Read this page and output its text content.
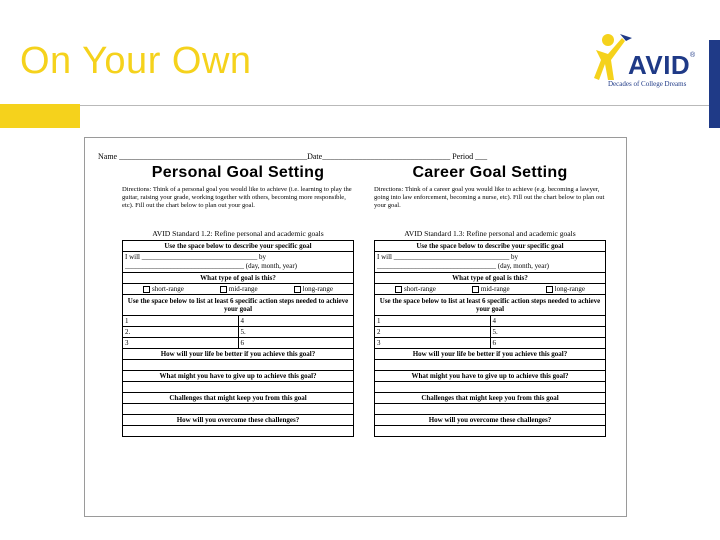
On Your Own	AVID ®
Decades of College Dreams
Name _______________________________________________Date________________________________ Period ___
Personal Goal Setting
Directions: Think of a personal goal you would like to achieve (i.e. learning to play the guitar, raising your grade, working together with others, becoming more responsible, etc). Fill out the chart below to plan out your goal.
AVID Standard 1.2: Refine personal and academic goals
Use the space below to describe your specific goal	

I will _________________________________ by
__________________________________ (day, month, year)	

What type of goal is this?	

short-range mid-range long-range	

Use the space below to list at least 6 specific action steps needed to achieve your goal	
1	4
2.	5.
3	6
How will your life be better if you achieve this goal?	

What might you have to give up to achieve this goal?	

Challenges that might keep you from this goal	

How will you overcome these challenges?	

Career Goal Setting
Directions: Think of a career goal you would like to achieve (e.g. becoming a lawyer, going into law enforcement, becoming a nurse, etc). Fill out the chart below to plan out your goal.
AVID Standard 1.3: Refine personal and academic goals
Use the space below to describe your specific goal	

I will _________________________________ by
__________________________________ (day, month, year)	

What type of goal is this?	

short-range mid-range long-range	

Use the space below to list at least 6 specific action steps needed to achieve your goal	
1	4
2	5.
3	6
How will your life be better if you achieve this goal?	

What might you have to give up to achieve this goal?	

Challenges that might keep you from this goal	

How will you overcome these challenges?	
